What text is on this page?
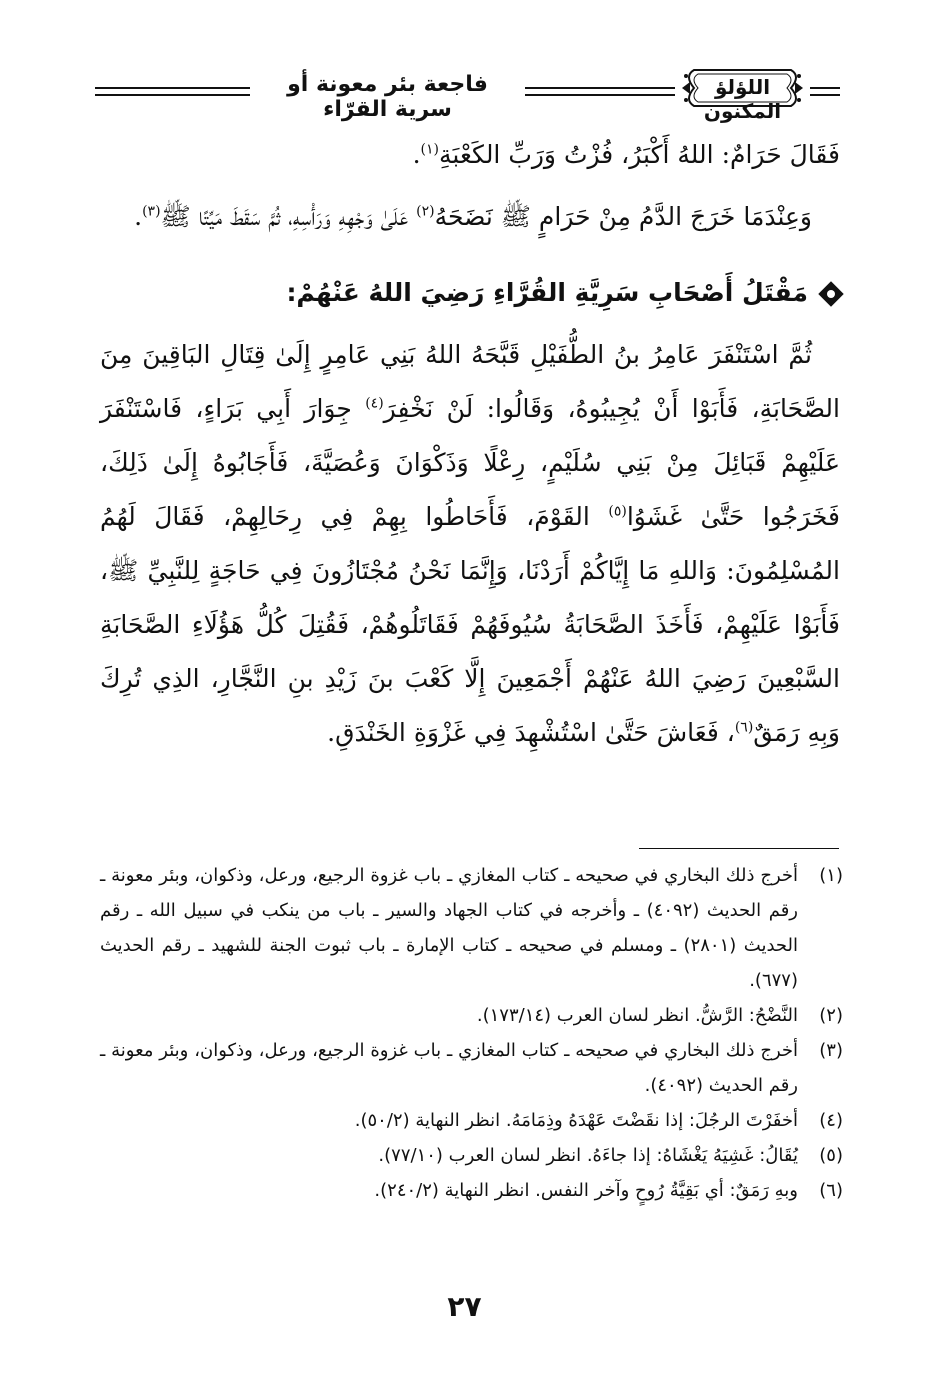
فاجعة بئر معونة أو سرية القرّاء
اللؤلؤ المكنون

فَقَالَ حَرَامٌ: اللهُ أَكْبَرُ، فُزْتُ وَرَبِّ الكَعْبَةِ$^{(١)}$.

وَعِنْدَمَا خَرَجَ الدَّمُ مِنْ حَرَامٍ ﷺ نَضَحَهُ$^{(٢)}$ عَلَىٰ وَجْهِهِ وَرَأْسِهِ، ثُمَّ سَقَطَ مَيِّتًا ﷺ$^{(٣)}$.

مَقْتَلُ أَصْحَابِ سَرِيَّةِ القُرَّاءِ رَضِيَ اللهُ عَنْهُمْ:

ثُمَّ اسْتَنْفَرَ عَامِرُ بنُ الطُّفَيْلِ قَبَّحَهُ اللهُ بَنِي عَامِرٍ إِلَىٰ قِتَالِ البَاقِينَ مِنَ الصَّحَابَةِ، فَأَبَوْا أَنْ يُجِيبُوهُ، وَقَالُوا: لَنْ نَخْفِرَ$^{(٤)}$ جِوَارَ أَبِي بَرَاءٍ، فَاسْتَنْفَرَ عَلَيْهِمْ قَبَائِلَ مِنْ بَنِي سُلَيْمٍ، رِعْلًا وَذَكْوَانَ وَعُصَيَّةَ، فَأَجَابُوهُ إِلَىٰ ذَلِكَ، فَخَرَجُوا حَتَّىٰ غَشَوُا$^{(٥)}$ القَوْمَ، فَأَحَاطُوا بِهِمْ فِي رِحَالِهِمْ، فَقَالَ لَهُمُ المُسْلِمُونَ: وَاللهِ مَا إِيَّاكُمْ أَرَدْنَا، وَإِنَّمَا نَحْنُ مُجْتَازُونَ فِي حَاجَةٍ لِلنَّبِيِّ ﷺ، فَأَبَوْا عَلَيْهِمْ، فَأَخَذَ الصَّحَابَةُ سُيُوفَهُمْ فَقَاتَلُوهُمْ، فَقُتِلَ كُلُّ هَؤُلَاءِ الصَّحَابَةِ السَّبْعِينَ رَضِيَ اللهُ عَنْهُمْ أَجْمَعِينَ إِلَّا كَعْبَ بنَ زَيْدِ بنِ النَّجَّارِ، الذِي تُرِكَ وَبِهِ رَمَقٌ$^{(٦)}$، فَعَاشَ حَتَّىٰ اسْتُشْهِدَ فِي غَزْوَةِ الخَنْدَقِ.

(١)
أخرج ذلك البخاري في صحيحه ـ كتاب المغازي ـ باب غزوة الرجيع، ورعل، وذكوان، وبئر معونة ـ رقم الحديث (٤٠٩٢) ـ وأخرجه في كتاب الجهاد والسير ـ باب من ينكب في سبيل الله ـ رقم الحديث (٢٨٠١) ـ ومسلم في صحيحه ـ كتاب الإمارة ـ باب ثبوت الجنة للشهيد ـ رقم الحديث (٦٧٧).
(٢)
النَّضْحُ: الرَّشُّ. انظر لسان العرب (١٧٣/١٤).
(٣)
أخرج ذلك البخاري في صحيحه ـ كتاب المغازي ـ باب غزوة الرجيع، ورعل، وذكوان، وبئر معونة ـ رقم الحديث (٤٠٩٢).
(٤)
أخفَرْتَ الرجُلَ: إذا نقَضْتَ عَهْدَهُ وذِمَامَهُ. انظر النهاية (٥٠/٢).
(٥)
يُقَالُ: غَشِيَهُ يَغْشَاهُ: إذا جاءَهُ. انظر لسان العرب (٧٧/١٠).
(٦)
وبهِ رَمَقٌ: أي بَقِيَّةُ رُوحٍ وآخر النفس. انظر النهاية (٢٤٠/٢).
٢٧
